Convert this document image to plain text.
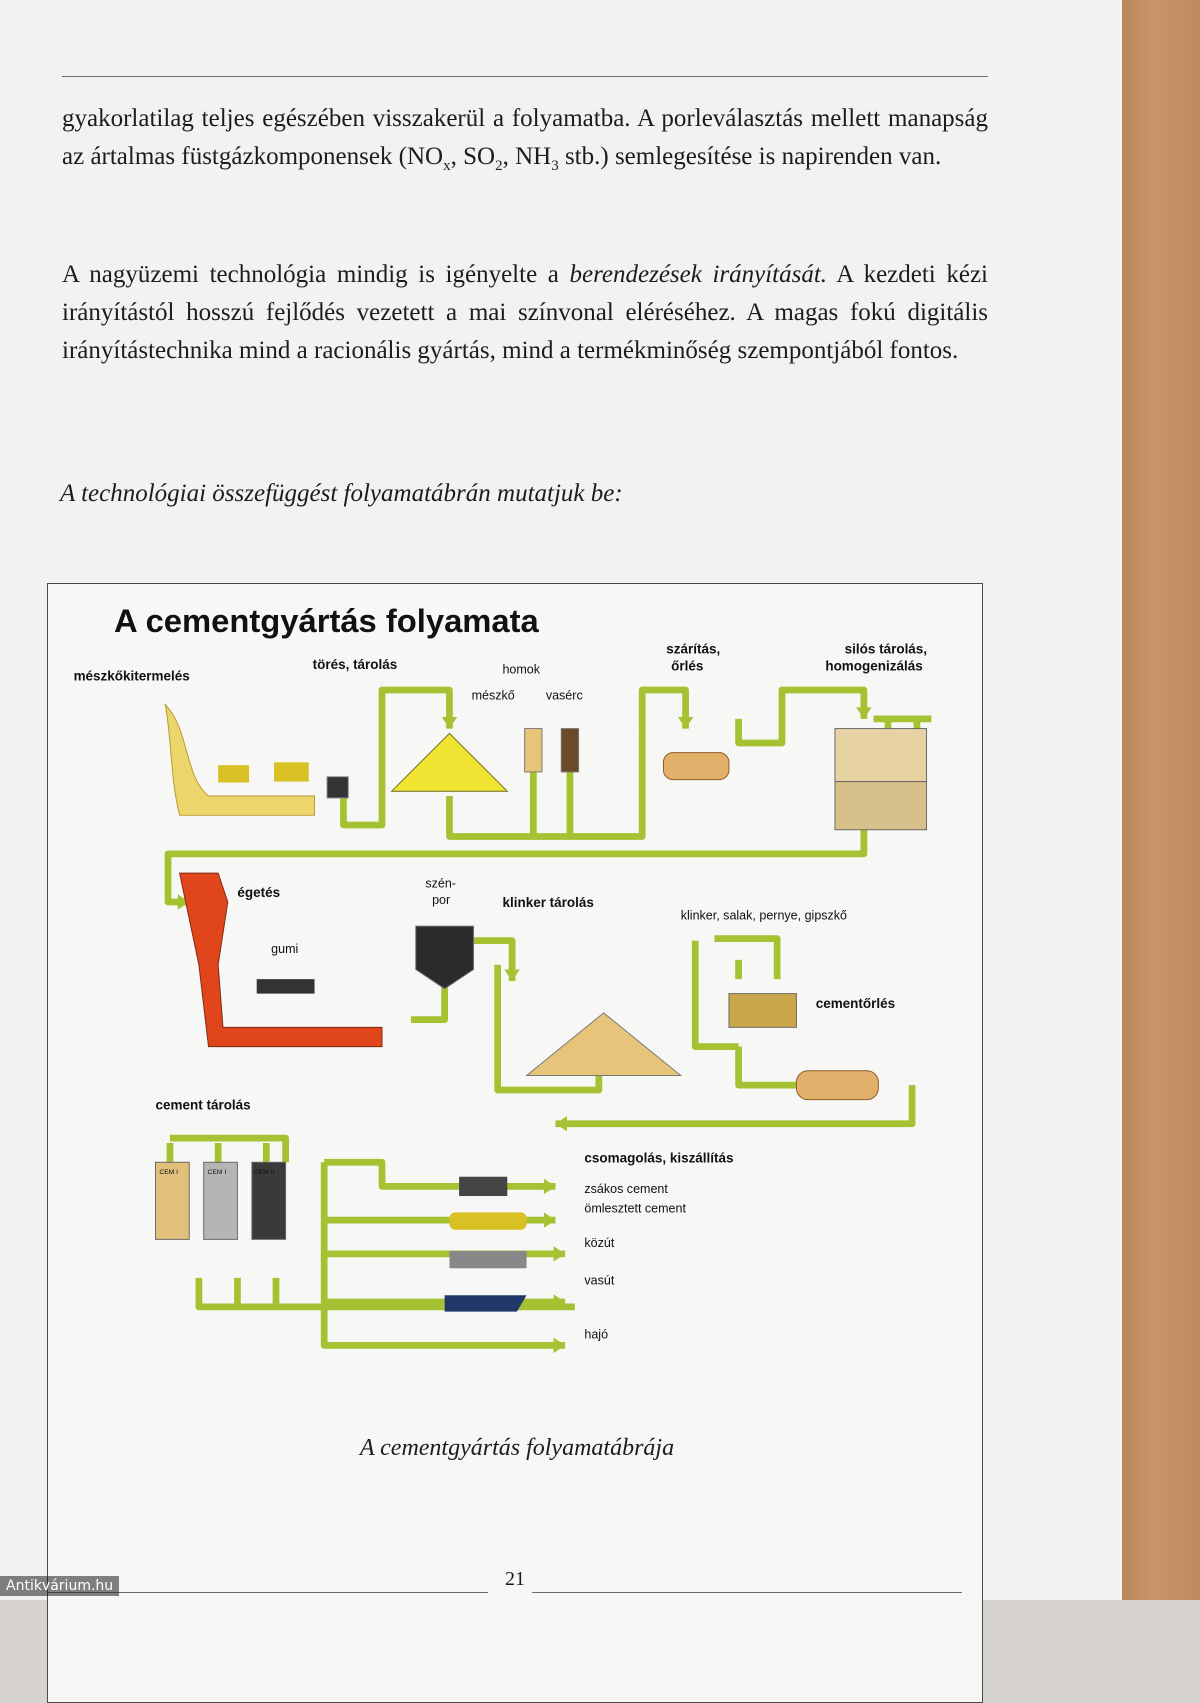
gyakorlatilag teljes egészében visszakerül a folyamatba. A porleválasztás mellett manapság az ártalmas füstgázkomponensek ($NO_x$, $SO_2$, $NH_3$ stb.) semlegesítése is napirenden van.

A nagyüzemi technológia mindig is igényelte a berendezések irányítását. A kezdeti kézi irányítástól hosszú fejlődés vezetett a mai színvonal eléréséhez. A magas fokú digitális irányítástechnika mind a racionális gyártás, mind a termékminőség szempontjából fontos.

A technológiai összefüggést folyamatábrán mutatjuk be:

A cementgyártás folyamata
mészkőkitermelés
törés, tárolás
silós tárolás,
homogenizálás
szárítás,
őrlés
égetés
klinker tárolás
cementőrlés
cement tárolás
csomagolás, kiszállítás
homok
mészkő vasérc
gumi
szén-
por
klinker, salak, pernye, gipszkő
zsákos cement
ömlesztett cement
közút
vasút
hajó
CEM I	CEM I	CEM II

A cementgyártás folyamatábrája

21
Antikvárium.hu
